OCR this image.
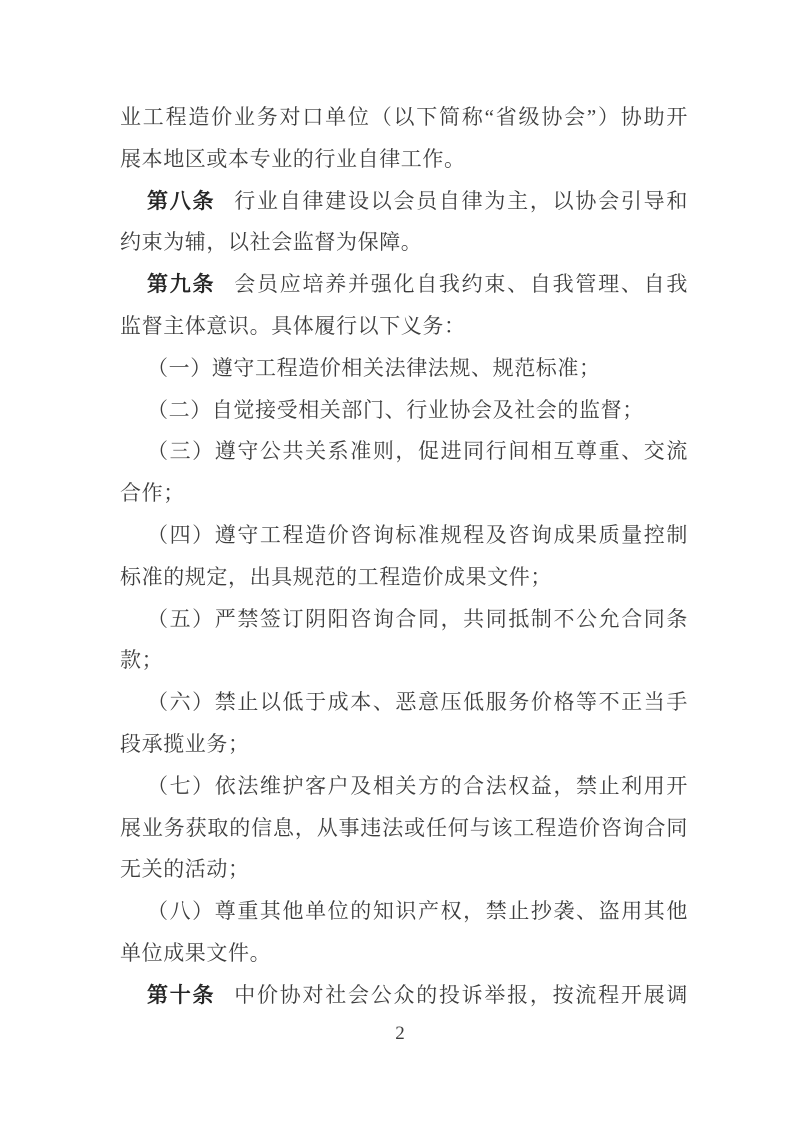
业工程造价业务对口单位（以下简称“省级协会”）协助开
展本地区或本专业的行业自律工作。
第八条 行业自律建设以会员自律为主，以协会引导和
约束为辅，以社会监督为保障。
第九条 会员应培养并强化自我约束、自我管理、自我
监督主体意识。具体履行以下义务：
（一）遵守工程造价相关法律法规、规范标准；
（二）自觉接受相关部门、行业协会及社会的监督；
（三）遵守公共关系准则，促进同行间相互尊重、交流
合作；
（四）遵守工程造价咨询标准规程及咨询成果质量控制
标准的规定，出具规范的工程造价成果文件；
（五）严禁签订阴阳咨询合同，共同抵制不公允合同条
款；
（六）禁止以低于成本、恶意压低服务价格等不正当手
段承揽业务；
（七）依法维护客户及相关方的合法权益，禁止利用开
展业务获取的信息，从事违法或任何与该工程造价咨询合同
无关的活动；
（八）尊重其他单位的知识产权，禁止抄袭、盗用其他
单位成果文件。
第十条 中价协对社会公众的投诉举报，按流程开展调
2
